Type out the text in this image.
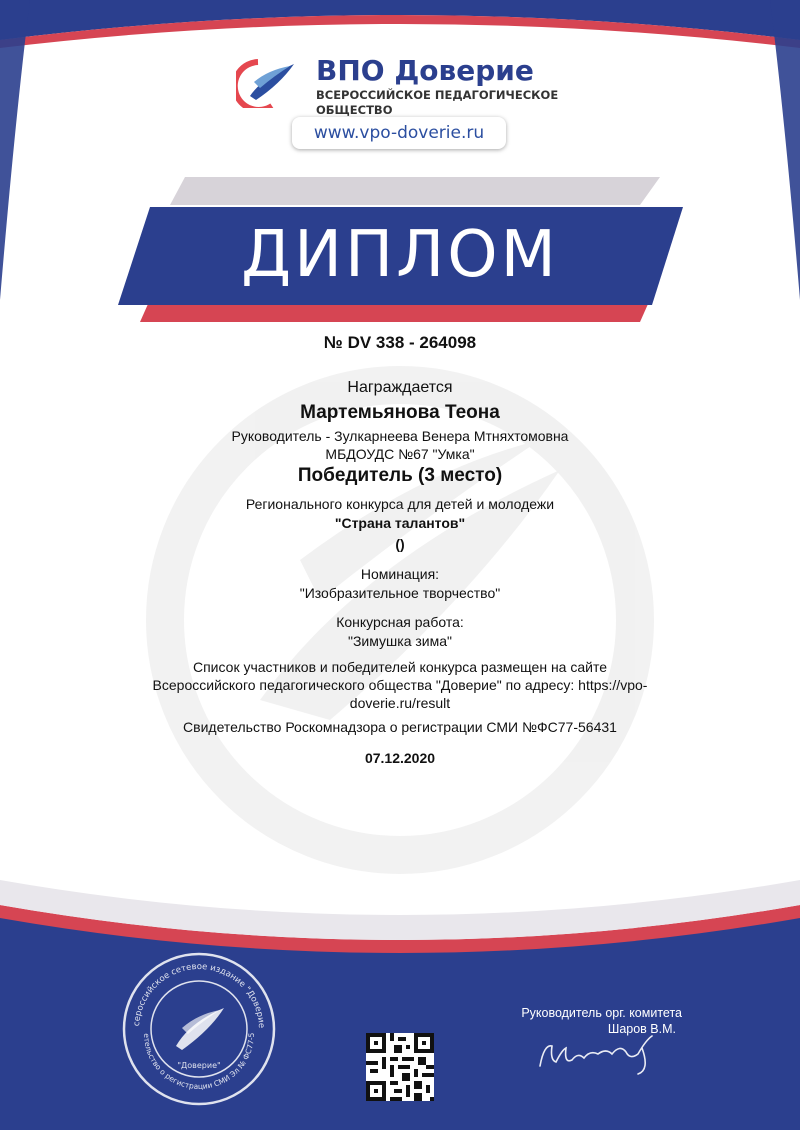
ВПО Доверие
ВСЕРОССИЙСКОЕ ПЕДАГОГИЧЕСКОЕ
ОБЩЕСТВО
www.vpo-doverie.ru
ДИПЛОМ
№ DV 338 - 264098
Награждается
Мартемьянова Теона
Руководитель - Зулкарнеева Венера Мтняхтомовна
МБДОУДС №67 "Умка"
Победитель (3 место)
Регионального конкурса для детей и молодежи
"Страна талантов"
()
Номинация:
"Изобразительное творчество"
Конкурсная работа:
"Зимушка зима"
Список участников и победителей конкурса размещен на сайте
Всероссийского педагогического общества "Доверие" по адресу: https://vpo-
doverie.ru/result
Свидетельство Роскомнадзора о регистрации СМИ №ФС77-56431
07.12.2020
сероссийское сетевое издание "Доверие
етельство о регистрации СМИ Эл № ФС77-5
"Доверие"
Руководитель орг. комитета
Шаров В.М.
